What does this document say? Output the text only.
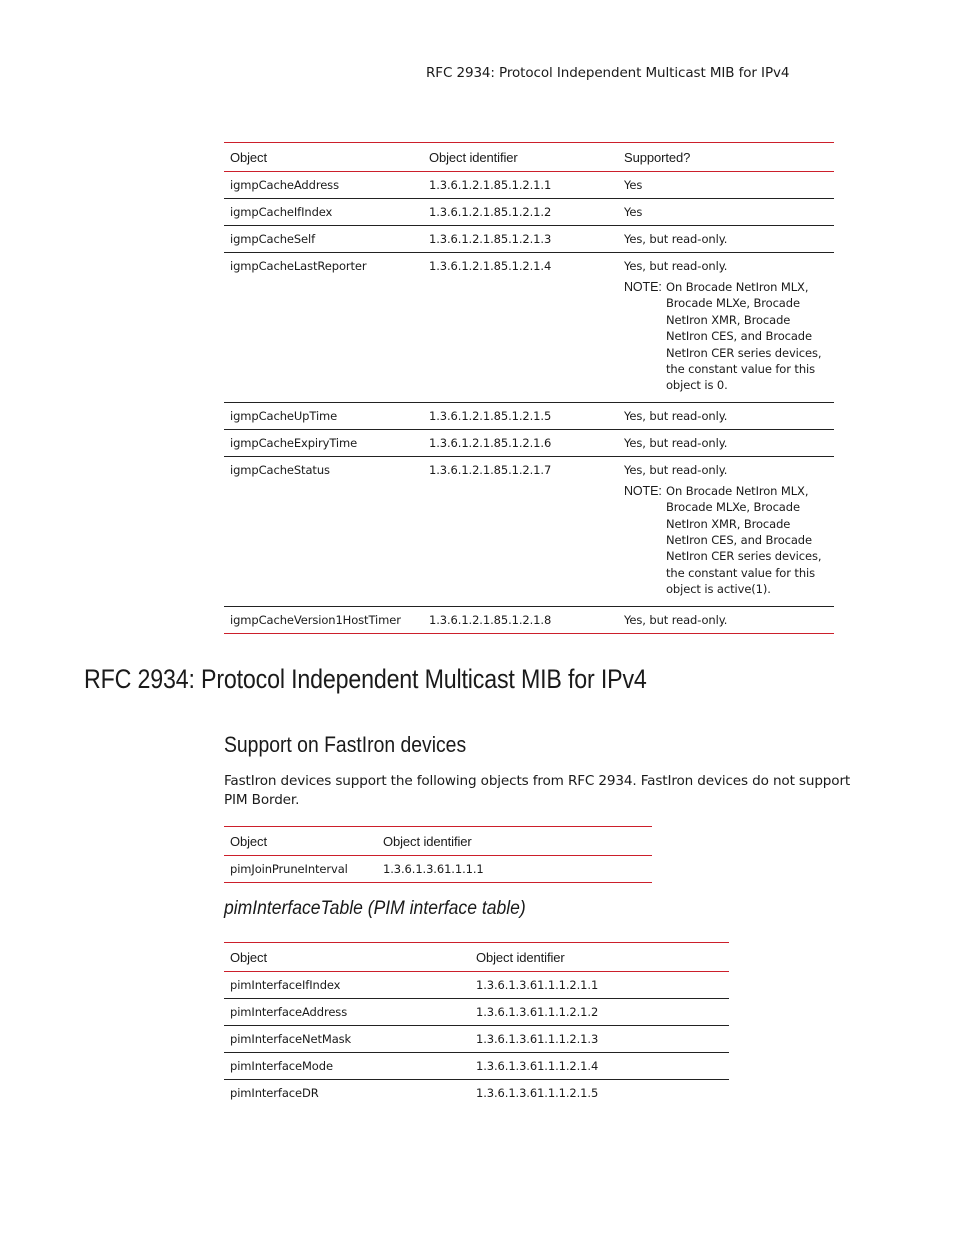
RFC 2934: Protocol Independent Multicast MIB for IPv4
Object	Object identifier	Supported?
igmpCacheAddress	1.3.6.1.2.1.85.1.2.1.1	Yes
igmpCacheIfIndex	1.3.6.1.2.1.85.1.2.1.2	Yes
igmpCacheSelf	1.3.6.1.2.1.85.1.2.1.3	Yes, but read-only.
igmpCacheLastReporter	1.3.6.1.2.1.85.1.2.1.4	Yes, but read-only.
NOTE: On Brocade NetIron MLX, Brocade MLXe, Brocade NetIron XMR, Brocade NetIron CES, and Brocade NetIron CER series devices, the constant value for this object is 0.

igmpCacheUpTime	1.3.6.1.2.1.85.1.2.1.5	Yes, but read-only.
igmpCacheExpiryTime	1.3.6.1.2.1.85.1.2.1.6	Yes, but read-only.
igmpCacheStatus	1.3.6.1.2.1.85.1.2.1.7	Yes, but read-only.
NOTE: On Brocade NetIron MLX, Brocade MLXe, Brocade NetIron XMR, Brocade NetIron CES, and Brocade NetIron CER series devices, the constant value for this object is active(1).

igmpCacheVersion1HostTimer	1.3.6.1.2.1.85.1.2.1.8	Yes, but read-only.
RFC 2934: Protocol Independent Multicast MIB for IPv4
Support on FastIron devices

FastIron devices support the following objects from RFC 2934. FastIron devices do not support PIM Border.

Object	Object identifier
pimJoinPruneInterval	1.3.6.1.3.61.1.1.1
pimInterfaceTable (PIM interface table)
Object	Object identifier
pimInterfaceIfIndex	1.3.6.1.3.61.1.1.2.1.1
pimInterfaceAddress	1.3.6.1.3.61.1.1.2.1.2
pimInterfaceNetMask	1.3.6.1.3.61.1.1.2.1.3
pimInterfaceMode	1.3.6.1.3.61.1.1.2.1.4
pimInterfaceDR	1.3.6.1.3.61.1.1.2.1.5
